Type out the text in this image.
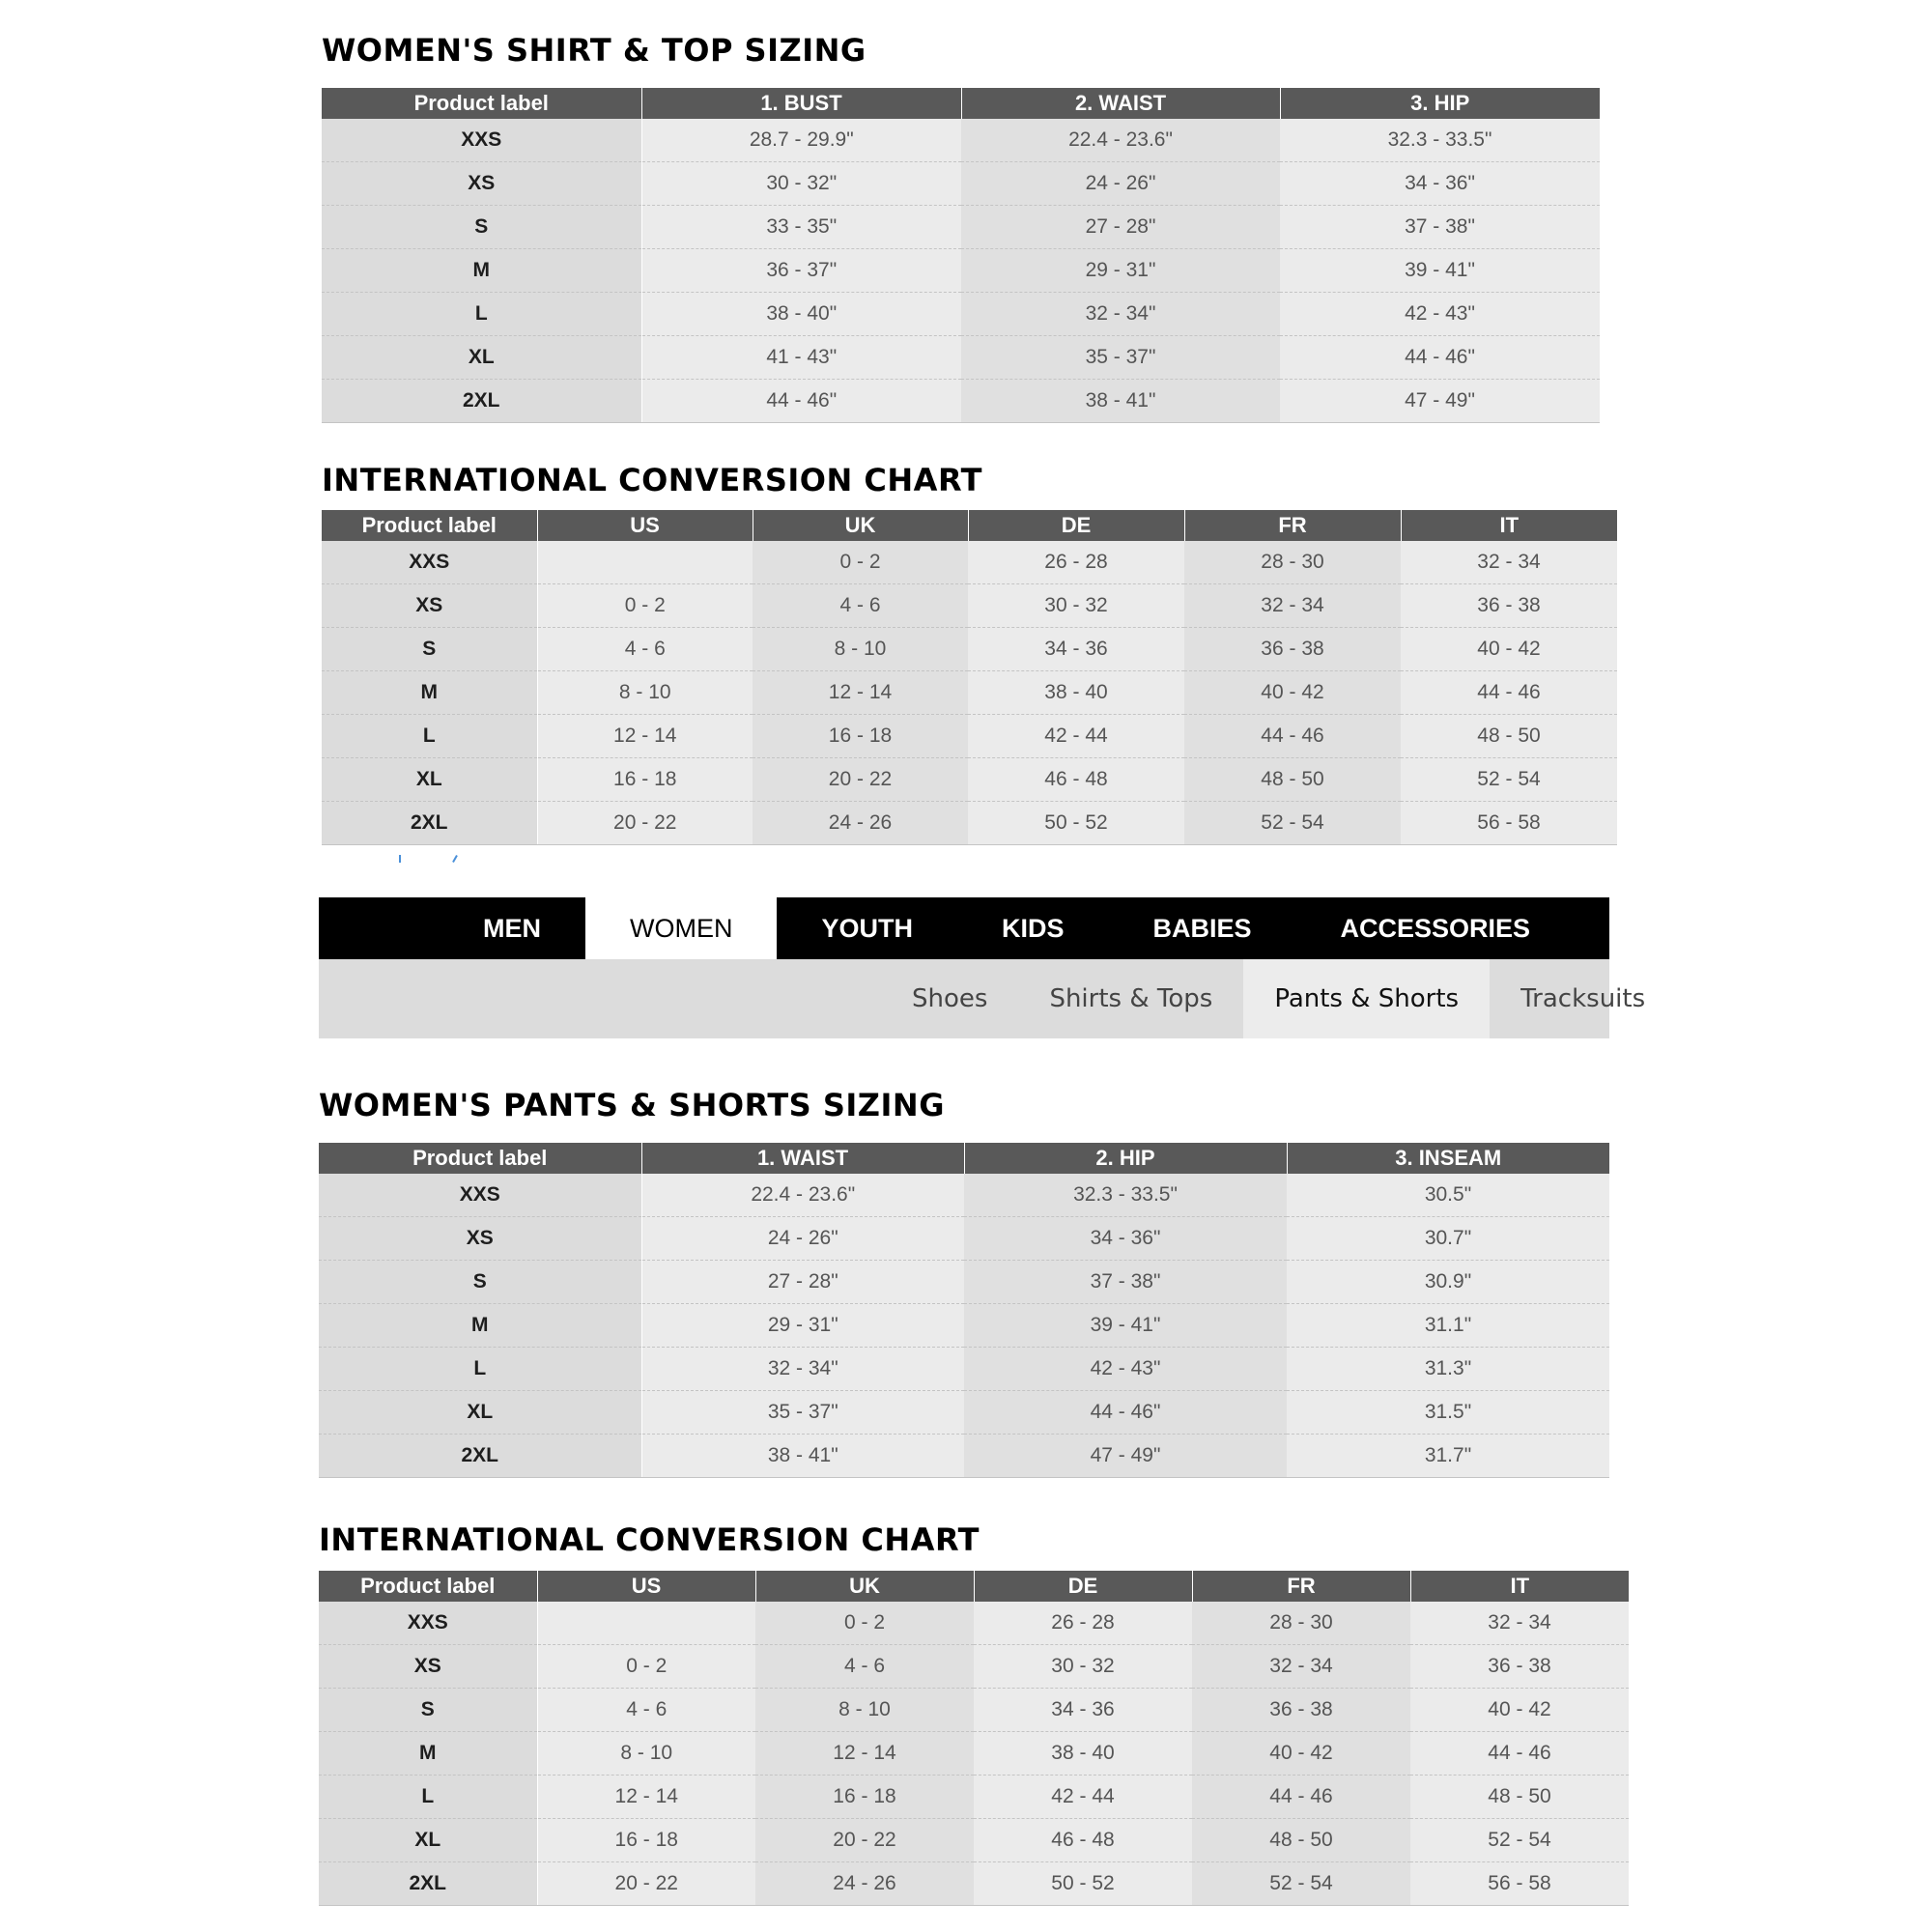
WOMEN'S SHIRT & TOP SIZING
Product label	1. BUST	2. WAIST	3. HIP
XXS	28.7 - 29.9"	22.4 - 23.6"	32.3 - 33.5"
XS	30 - 32"	24 - 26"	34 - 36"
S	33 - 35"	27 - 28"	37 - 38"
M	36 - 37"	29 - 31"	39 - 41"
L	38 - 40"	32 - 34"	42 - 43"
XL	41 - 43"	35 - 37"	44 - 46"
2XL	44 - 46"	38 - 41"	47 - 49"
INTERNATIONAL CONVERSION CHART
Product label	US	UK	DE	FR	IT
XXS		0 - 2	26 - 28	28 - 30	32 - 34
XS	0 - 2	4 - 6	30 - 32	32 - 34	36 - 38
S	4 - 6	8 - 10	34 - 36	36 - 38	40 - 42
M	8 - 10	12 - 14	38 - 40	40 - 42	44 - 46
L	12 - 14	16 - 18	42 - 44	44 - 46	48 - 50
XL	16 - 18	20 - 22	46 - 48	48 - 50	52 - 54
2XL	20 - 22	24 - 26	50 - 52	52 - 54	56 - 58
MEN	WOMEN	YOUTH	KIDS	BABIES	ACCESSORIES
Shoes	Shirts & Tops	Pants & Shorts	Tracksuits
WOMEN'S PANTS & SHORTS SIZING
Product label	1. WAIST	2. HIP	3. INSEAM
XXS	22.4 - 23.6"	32.3 - 33.5"	30.5"
XS	24 - 26"	34 - 36"	30.7"
S	27 - 28"	37 - 38"	30.9"
M	29 - 31"	39 - 41"	31.1"
L	32 - 34"	42 - 43"	31.3"
XL	35 - 37"	44 - 46"	31.5"
2XL	38 - 41"	47 - 49"	31.7"
INTERNATIONAL CONVERSION CHART
Product label	US	UK	DE	FR	IT
XXS		0 - 2	26 - 28	28 - 30	32 - 34
XS	0 - 2	4 - 6	30 - 32	32 - 34	36 - 38
S	4 - 6	8 - 10	34 - 36	36 - 38	40 - 42
M	8 - 10	12 - 14	38 - 40	40 - 42	44 - 46
L	12 - 14	16 - 18	42 - 44	44 - 46	48 - 50
XL	16 - 18	20 - 22	46 - 48	48 - 50	52 - 54
2XL	20 - 22	24 - 26	50 - 52	52 - 54	56 - 58
